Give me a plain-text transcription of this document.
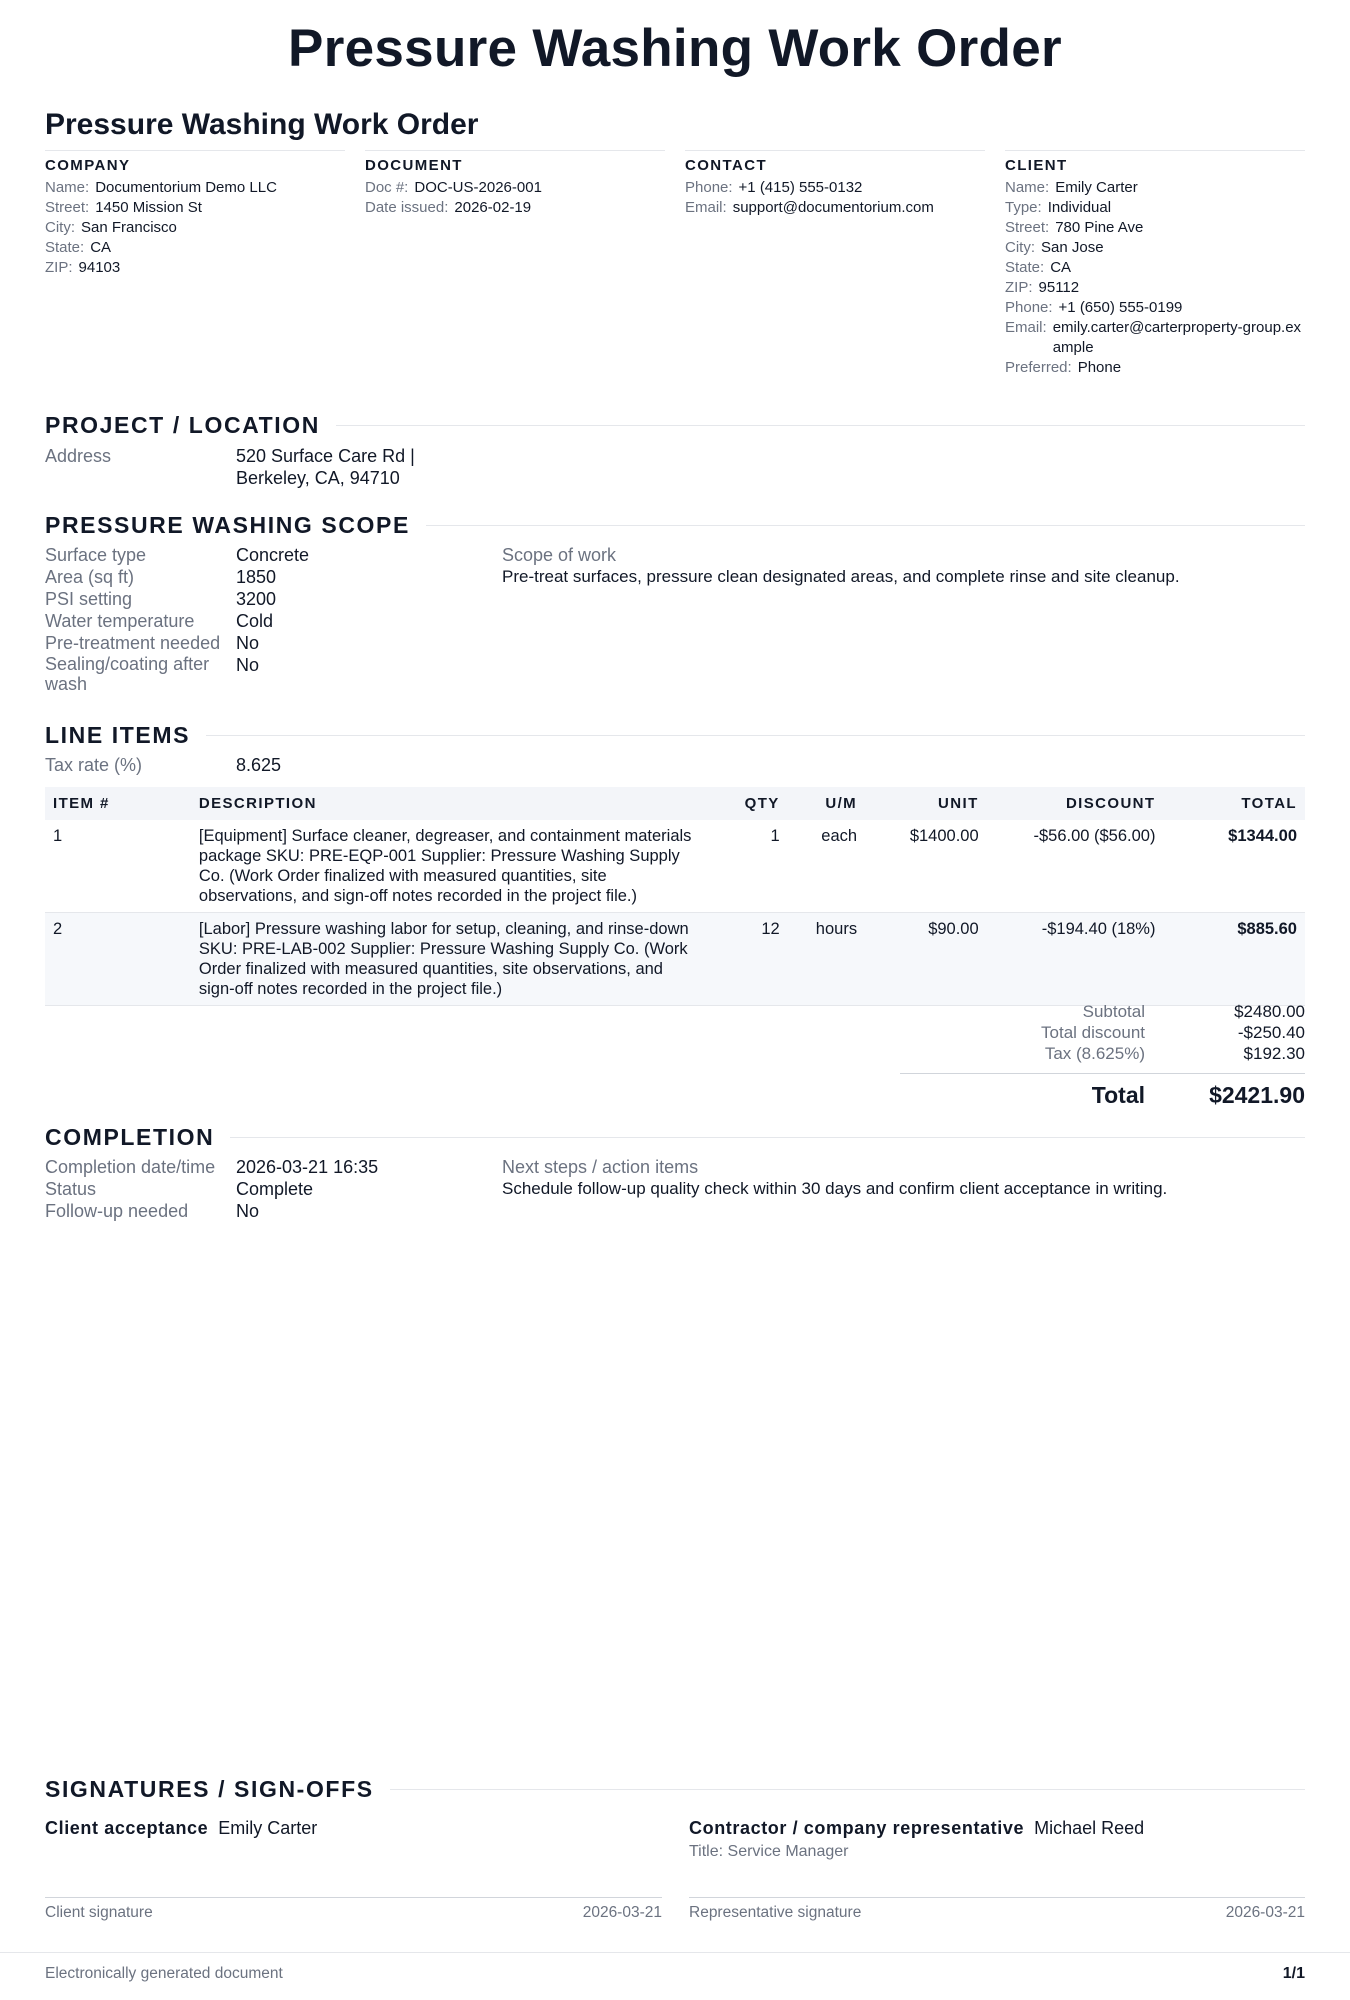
Pressure Washing Work Order
Pressure Washing Work Order
COMPANY
Name: Documentorium Demo LLC
Street: 1450 Mission St
City: San Francisco
State: CA
ZIP: 94103
DOCUMENT
Doc #: DOC-US-2026-001
Date issued: 2026-02-19
CONTACT
Phone: +1 (415) 555-0132
Email: support@documentorium.com
CLIENT
Name: Emily Carter
Type: Individual
Street: 780 Pine Ave
City: San Jose
State: CA
ZIP: 95112
Phone: +1 (650) 555-0199
Email: emily.carter@carterproperty-group.example
Preferred: Phone
PROJECT / LOCATION
Address	520 Surface Care Rd | Berkeley, CA, 94710
PRESSURE WASHING SCOPE
Surface type	Concrete
Area (sq ft)	1850
PSI setting	3200
Water temperature Cold
Pre-treatment needed No
Sealing/coating after wash
No
Scope of work
Pre-treat surfaces, pressure clean designated areas, and complete rinse and site cleanup.
LINE ITEMS
Tax rate (%)	8.625
ITEM #	DESCRIPTION	QTY	U/M	UNIT	DISCOUNT	TOTAL
1	[Equipment] Surface cleaner, degreaser, and containment materials package SKU: PRE-EQP-001 Supplier: Pressure Washing Supply Co. (Work Order finalized with measured quantities, site observations, and sign-off notes recorded in the project file.)	1	each	$1400.00	-$56.00 ($56.00)	$1344.00
2	[Labor] Pressure washing labor for setup, cleaning, and rinse-down SKU: PRE-LAB-002 Supplier: Pressure Washing Supply Co. (Work Order finalized with measured quantities, site observations, and sign-off notes recorded in the project file.)	12	hours	$90.00	-$194.40 (18%)	$885.60
Subtotal	$2480.00
Total discount	-$250.40
Tax (8.625%)	$192.30
Total	$2421.90
COMPLETION
Completion date/time 2026-03-21 16:35
Status	Complete
Follow-up needed	No
Next steps / action items
Schedule follow-up quality check within 30 days and confirm client acceptance in writing.
SIGNATURES / SIGN-OFFS
Client acceptance Emily Carter
Client signature	2026-03-21
Contractor / company representative Michael Reed
Title: Service Manager
Representative signature	2026-03-21
Electronically generated document	1/1
